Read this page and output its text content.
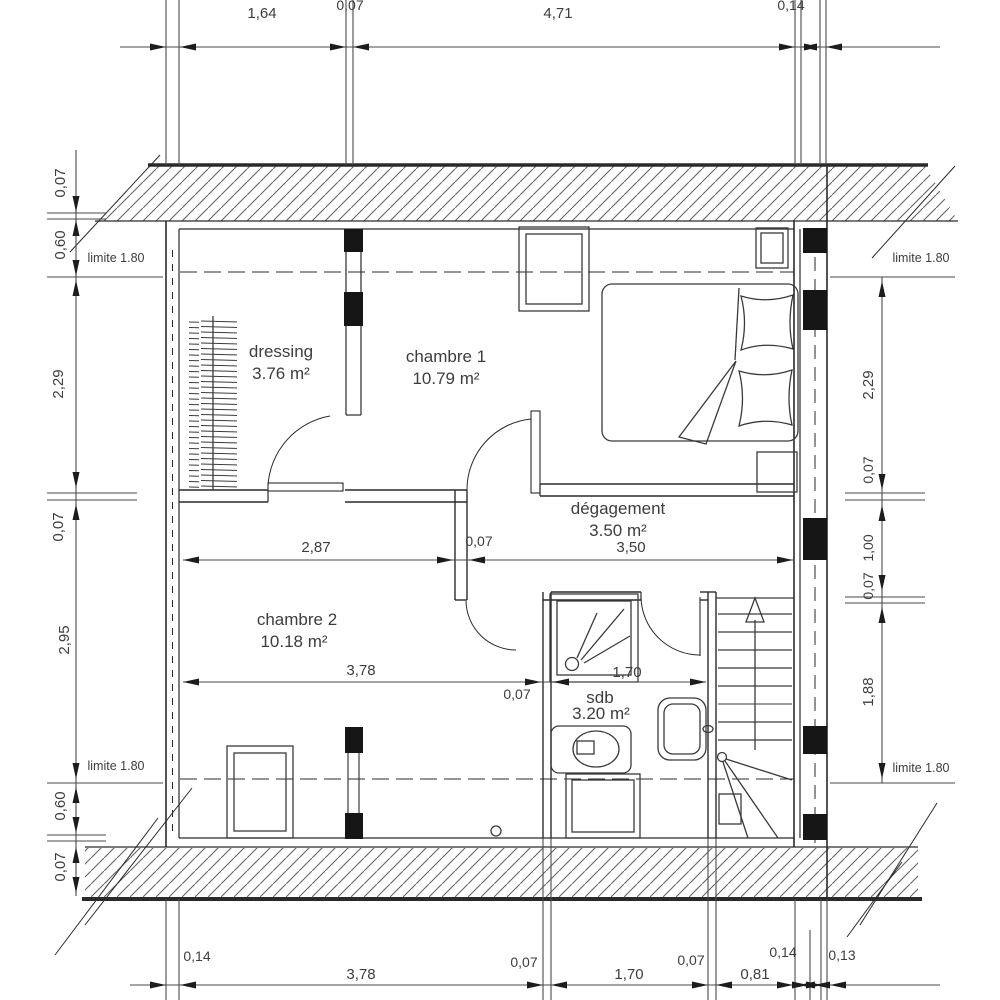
limite 1.80	limite 1.80
limite 1.80	limite 1.80
dressing
3.76 m²
chambre 1
10.79 m²
dégagement
3.50 m²
chambre 2
10.18 m²
sdb
3.20 m²
1,64	0,07	4,71	0,14
0,07
0,60
2,29
0,07
2,95
0,60
0,07
2,29
0,07
1,00
0,07
1,88
2,87	0,07	3,50
3,78
0,07
1,70
0,14
3,78
0,07
1,70
0,07
0,81
0,14 0,13
